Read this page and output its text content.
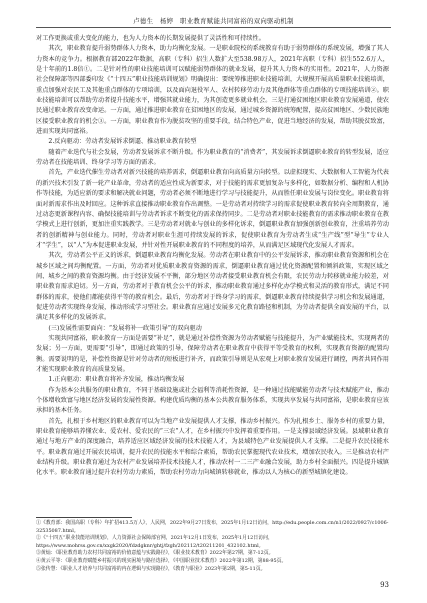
卢德生　杨婷　职业教育赋能共同富裕的双向驱动机制

对工作更换或重大变化的能力，也为人力资本的长期发展提供了灵活性和可持续性。

其次，职业教育提升弱势群体人力资本，助力均衡化发展。一是职业院校的系统教育有助于弱势群体的系统发展，增强了其人力资本的竞争力。根据教育部2022年数据，高职（专科）招生人数扩大至538.98万人，2021年高职（专科）招生552.6万人，是十年前的1.8倍①。二是针对性的职业技能培训可以赋能弱势群体的就业发展，提升其人力资本的实用性。2021年，人力资源社会保障部等四部委印发《“十四五”职业技能培训规划》明确提出：要统筹推进职业技能培训，大规模开展高质量职业技能培训，重点加强对农民工及其他重点群体的专项培训，以及面向退役军人、农村转移劳动力及其他群体等重点群体的专项技能培训②。职业技能培训可以帮助劳动者提升技能水平，增强其就业能力，为其创造更多就业机会。三是打通贫困地区职业教育发展通道，使农民通过职业教育改变命运。一方面，通过推进职业教育在贫困地区的发展，通过城乡资源的统筹配置，提高贫困地区、少数民族地区接受职业教育的机会③。一方面，职业教育作为脱贫攻坚的重要手段，结合特色产业，促进当地经济的发展，帮助其脱贫致富，进而实现共同富裕。

2.反向驱动：劳动者发展诉求倒逼、推动职业教育转型

随着产业迭代与社会发展，劳动者发展诉求不断升级。作为职业教育的“消费者”，其发展诉求倒逼职业教育的转型发展，适应劳动者在技能培训、终身学习等方面的需求。

首先，产业迭代催生劳动者对新兴技能的培养需求，倒逼职业教育向高质量方向转型。以虚拟现实、大数据和人工智能为代表的新兴技术引发了新一轮产业革命，劳动者的适应性成为新要求，对于技能的需求更加复杂与多样化，如数据分析、编程和人机协作等技能，为适应新的要求和解决就业问题，劳动者必须不断地进行学习与技能提升，从而胜任职业发展与岗位变化。职业教育将面对新需求作出及时回应。这种诉求直接推动职业教育作出调整。一是劳动者对持续学习的需求促使职业教育转向全周期教育，通过动态更新课程内容、确保技能培训与劳动者诉求不断变化的需求保持同步。二是劳动者对职业技能教育的需求推动职业教育在教学模式上进行创新，更加注重实践教学。三是劳动者对就业与创业的多样化诉求，倒逼职业教育加强创新创业教育，注重培养劳动者的创新精神与创业能力。同时，劳动者对职业生涯可持续发展的诉求，促使职业教育为劳动者生成“生产线”型“导生”专业人才“学生”，以“人”为本促进职业发展，并针对性开展职业教育的不同程度的培养，从而满足区域现代化发展人才需求。

其次，劳动者公平正义的诉求，倒逼职业教育均衡化发展。劳动者在职业教育中的公平发展诉求，推动职业教育资源和机会在城乡区域之间均衡配置。一方面，劳动者对优质职业教育资源的需求，倒逼职业教育通过优化资源配置和倾斜政策，实现区域之间、城乡之间的教育资源均衡。由于经济发展不平衡，部分地区劳动者接受职业教育机会有限，农民劳动力转移就业能力较差，对职业教育需求迫切。另一方面，劳动者对于教育机会公平的诉求，推动职业教育通过多样化办学模式和灵活的教育形式，满足不同群体的需求，使他们都能获得平等的教育机会。最后，劳动者对于终身学习的需求，倒逼职业教育持续提供学习机会和发展通道，促进劳动者实现终身发展，推动形成学习型社会。职业教育应通过发展多元化教育路径和机制，为劳动者提供全面发展的平台，以满足其多样化的发展诉求。

(三)发展性需要面向：“发展将补一政策引导”的双向驱动

实现共同富裕，职业教育一方面是需要“补足”，就是通过补偿性资源为劳动者赋能与技能提升，为产业赋能技术，实现两者的发展；另一方面，更需要“引导”，即通过政策的引导，保障劳动者在职业教育中获得平等受教育的权利，实现教育资源的配置均衡。需要说明的是，补偿性资源是针对劳动者的短板进行补齐，而政策引导则是从宏观上对职业教育发展进行调控，两者共同作用才能实现职业教育的高质量发展。

1.正向驱动：职业教育将补齐发展，推动均衡发展

作为基本公共服务的职业教育，不同于基础设施或社会福利等消耗性资源，是一种通过技能赋能劳动者与技术赋能产业，推动个体增收致富与地区经济发展的发展性资源。构建优质均衡的基本公共教育服务体系，实现共享发展与共同富裕，是职业教育应该承担的基本任务。

首先，扎根于乡村地区的职业教育可以为当地产业发展提供人才支撑，推动乡村振兴。作为扎根乡土、服务乡村的重要力量，职业教育能够培养懂农业、爱农村、爱农民的“三农”人才，在乡村振兴中发挥着重要作用。一是支撑县域经济发展。县域职业教育通过与地方产业的深度融合，培养适应区域经济发展的技术技能人才，为县域特色产业发展提供人才支撑。二是提升农民技能水平。职业教育通过开展农民培训，提升农民的技能水平和综合素质，帮助农民掌握现代农业技术，增加农民收入。三是推动农村产业结构升级。职业教育通过为农村产业发展培养技术技能人才，推动农村一二三产业融合发展，助力乡村全面振兴。四是提升城镇化水平。职业教育通过提升农村劳动力素质，帮助农村劳动力向城镇转移就业，推动以人为核心的新型城镇化建设。

①《教育部：我国高职（专科）年扩招413.5万人》，人民网，2022年9月27日发布，2025年1月12日访问，http://edu.people.com.cn/n1/2022/0927/c1006-32535087.html。

②《“十四五”职业技能培训规划》，人力资源社会保障部官网，2021年12月1日发布，2025年1月12日访问，https://www.mohrss.gov.cn/xxgk2020/fdzdgknr/ghtj/fzgh/202112/t20211201_432102.html。

③黄灿：《职业教育助力农村共同富裕的价值意蕴与实践路径》，《职业技术教育》2022年第27期，第7-12页。

④黄云平等：《职业教育赋能乡村振兴的现实困境与路径选择》，《中国职业技术教育》2022年第12期，第88-95页。

⑤张传慧：《职业人才培养与共同富裕的内在逻辑与实现路径》，《教育与职业》2023年第2期，第5-11页。

93
